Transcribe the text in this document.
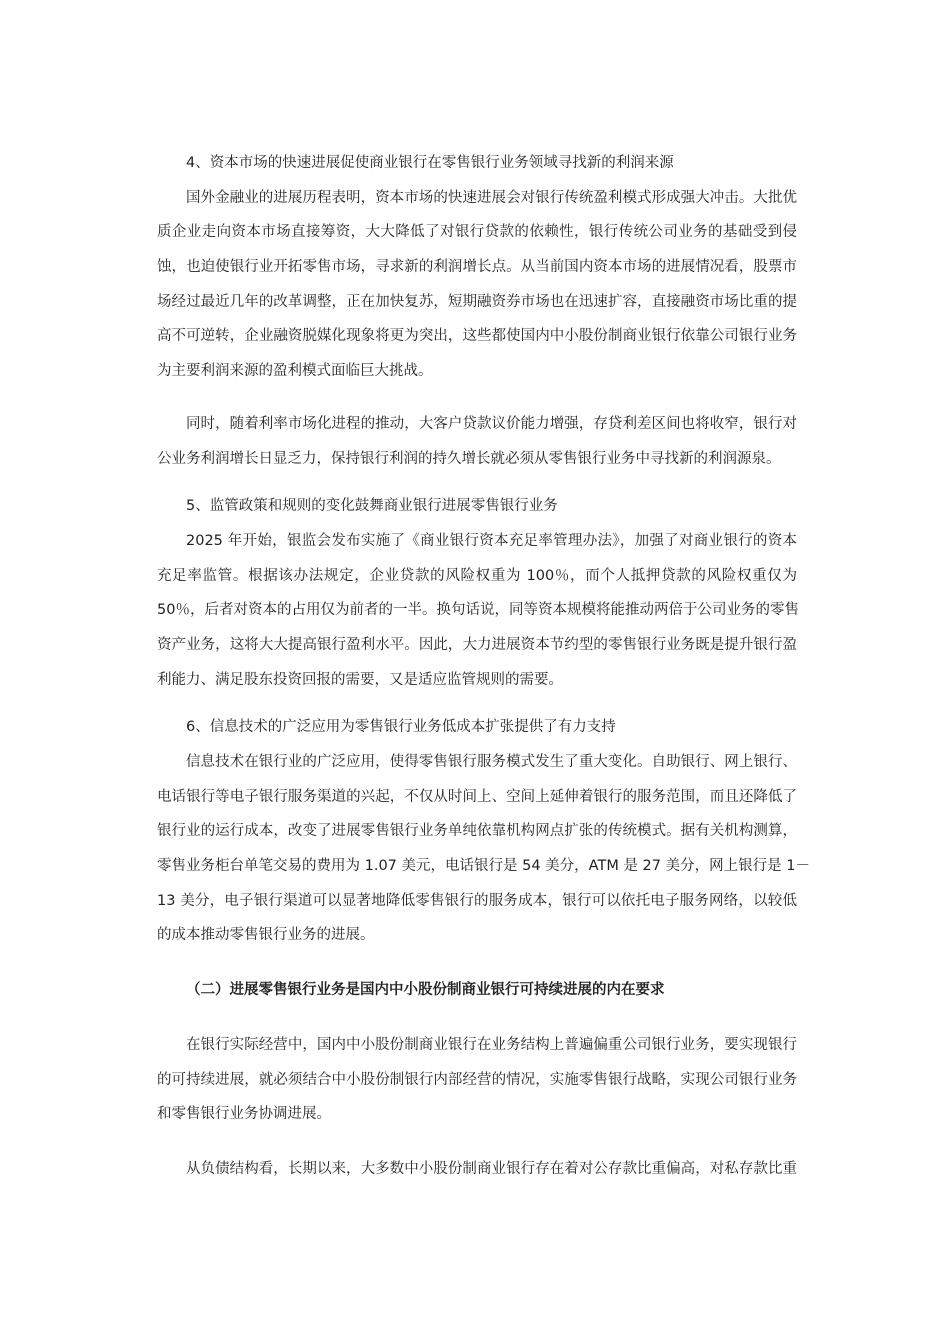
4、资本市场的快速进展促使商业银行在零售银行业务领域寻找新的利润来源
国外金融业的进展历程表明，资本市场的快速进展会对银行传统盈利模式形成强大冲击。大批优
质企业走向资本市场直接筹资，大大降低了对银行贷款的依赖性，银行传统公司业务的基础受到侵
蚀，也迫使银行业开拓零售市场，寻求新的利润增长点。从当前国内资本市场的进展情况看，股票市
场经过最近几年的改革调整，正在加快复苏，短期融资券市场也在迅速扩容，直接融资市场比重的提
高不可逆转，企业融资脱媒化现象将更为突出，这些都使国内中小股份制商业银行依靠公司银行业务
为主要利润来源的盈利模式面临巨大挑战。
同时，随着利率市场化进程的推动，大客户贷款议价能力增强，存贷利差区间也将收窄，银行对
公业务利润增长日显乏力，保持银行利润的持久增长就必须从零售银行业务中寻找新的利润源泉。
5、监管政策和规则的变化鼓舞商业银行进展零售银行业务
2025 年开始，银监会发布实施了《商业银行资本充足率管理办法》，加强了对商业银行的资本
充足率监管。根据该办法规定，企业贷款的风险权重为 100％，而个人抵押贷款的风险权重仅为
50％，后者对资本的占用仅为前者的一半。换句话说，同等资本规模将能推动两倍于公司业务的零售
资产业务，这将大大提高银行盈利水平。因此，大力进展资本节约型的零售银行业务既是提升银行盈
利能力、满足股东投资回报的需要，又是适应监管规则的需要。
6、信息技术的广泛应用为零售银行业务低成本扩张提供了有力支持
信息技术在银行业的广泛应用，使得零售银行服务模式发生了重大变化。自助银行、网上银行、
电话银行等电子银行服务渠道的兴起，不仅从时间上、空间上延伸着银行的服务范围，而且还降低了
银行业的运行成本，改变了进展零售银行业务单纯依靠机构网点扩张的传统模式。据有关机构测算，
零售业务柜台单笔交易的费用为 1.07 美元，电话银行是 54 美分，ATM 是 27 美分，网上银行是 1－
13 美分，电子银行渠道可以显著地降低零售银行的服务成本，银行可以依托电子服务网络，以较低
的成本推动零售银行业务的进展。
（二）进展零售银行业务是国内中小股份制商业银行可持续进展的内在要求
在银行实际经营中，国内中小股份制商业银行在业务结构上普遍偏重公司银行业务，要实现银行
的可持续进展，就必须结合中小股份制银行内部经营的情况，实施零售银行战略，实现公司银行业务
和零售银行业务协调进展。
从负债结构看，长期以来，大多数中小股份制商业银行存在着对公存款比重偏高，对私存款比重
